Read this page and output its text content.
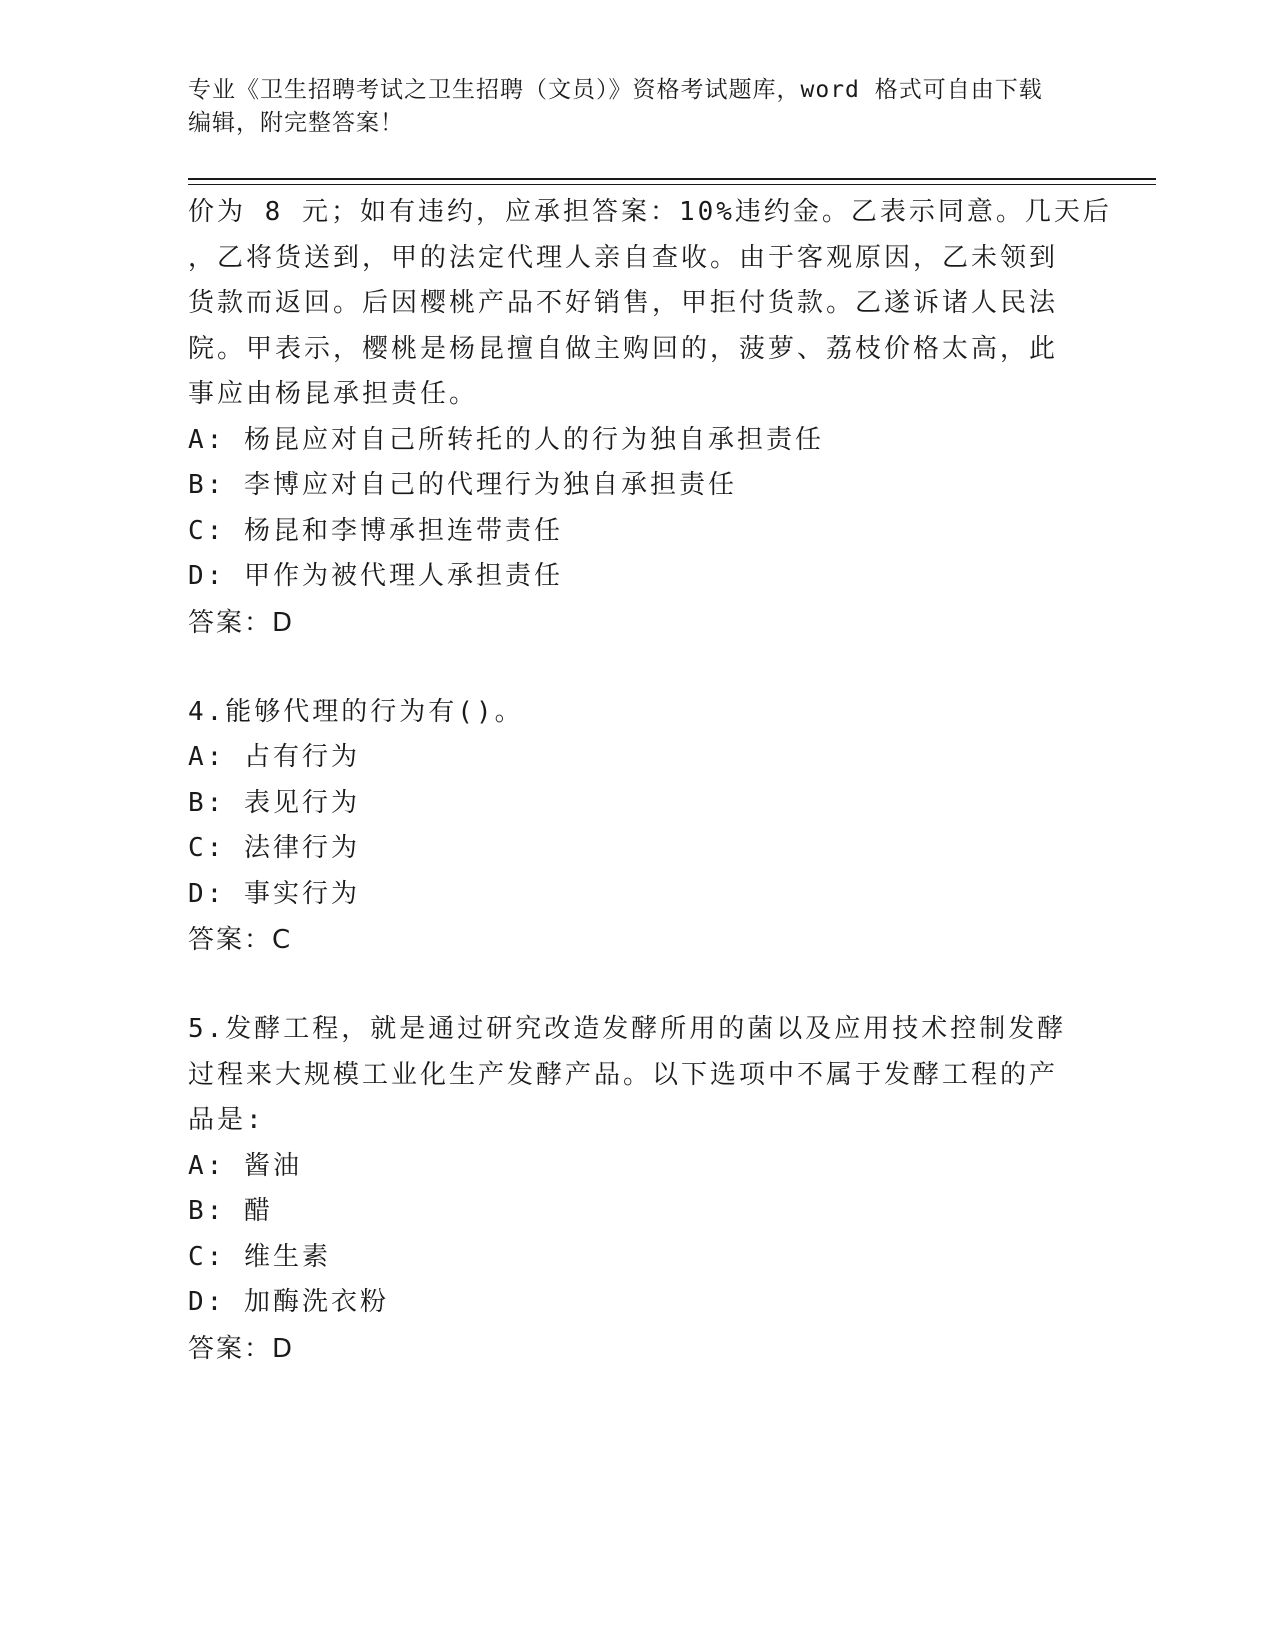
专业《卫生招聘考试之卫生招聘（文员）》资格考试题库，word 格式可自由下载
编辑，附完整答案！
价为 8 元；如有违约，应承担答案：10%违约金。乙表示同意。几天后
，乙将货送到，甲的法定代理人亲自查收。由于客观原因，乙未领到
货款而返回。后因樱桃产品不好销售，甲拒付货款。乙遂诉诸人民法
院。甲表示，樱桃是杨昆擅自做主购回的，菠萝、荔枝价格太高，此
事应由杨昆承担责任。
A: 杨昆应对自己所转托的人的行为独自承担责任
B: 李博应对自己的代理行为独自承担责任
C: 杨昆和李博承担连带责任
D: 甲作为被代理人承担责任
答案：D
4.能够代理的行为有()。
A: 占有行为
B: 表见行为
C: 法律行为
D: 事实行为
答案：C
5.发酵工程，就是通过研究改造发酵所用的菌以及应用技术控制发酵
过程来大规模工业化生产发酵产品。以下选项中不属于发酵工程的产
品是:
A: 酱油
B: 醋
C: 维生素
D: 加酶洗衣粉
答案：D
